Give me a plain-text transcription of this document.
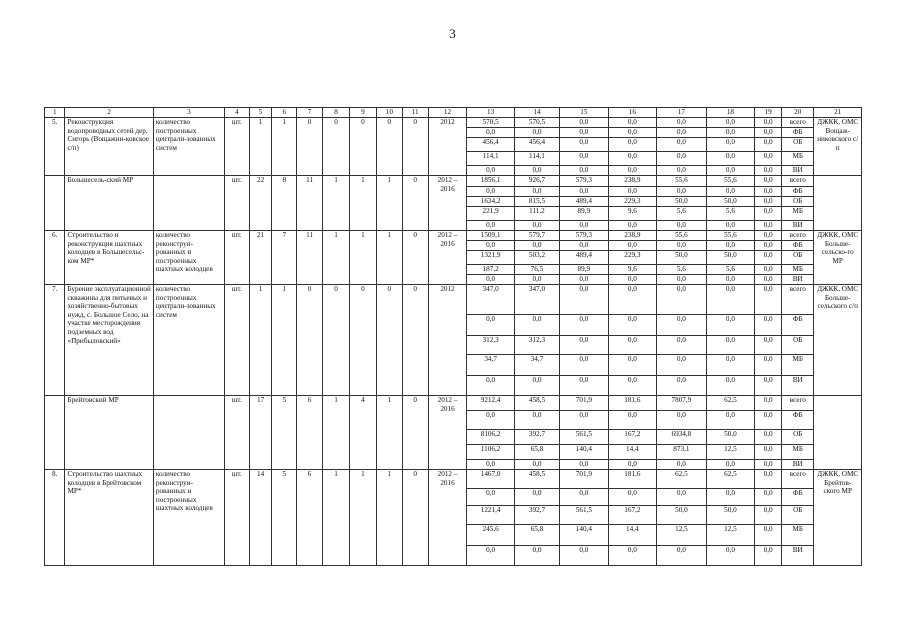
3
1	2	3	4	5	6	7	8	9	10	11	12	13	14	15	16	17	18	19	20	21
5.	Реконструкция водопроводных сетей дер. Сигорь (Вощажни-ковское с/п)	количество построенных централи-зованных систем	шт.	1	1	0	0	0	0	0	2012	570,5	570,5	0,0	0,0	0,0	0,0	0,0	всего	ДЖКК, ОМС Вощаж-никовского с/п
												0,0	0,0	0,0	0,0	0,0	0,0	0,0	ФБ	
												456,4	456,4	0,0	0,0	0,0	0,0	0,0	ОБ	
												114,1	114,1	0,0	0,0	0,0	0,0	0,0	МБ	
												0,0	0,0	0,0	0,0	0,0	0,0	0,0	ВИ	
	Большесель-ский МР		шт.	22	8	11	1	1	1	0	2012 – 2016	1856,1	926,7	579,3	238,9	55,6	55,6	0,0	всего	
												0,0	0,0	0,0	0,0	0,0	0,0	0,0	ФБ	
												1634,2	815,5	489,4	229,3	50,0	50,0	0,0	ОБ	
												221,9	111,2	89,9	9,6	5,6	5,6	0,0	МБ	
												0,0	0,0	0,0	0,0	0,0	0,0	0,0	ВИ	
6.	Строительство и реконструкция шахтных колодцев в Большесельс-ком МР*	количество реконструи-рованных и построенных шахтных колодцев	шт.	21	7	11	1	1	1	0	2012 – 2016	1509,1	579,7	579,3	238,9	55,6	55,6	0,0	всего	ДЖКК, ОМС Больше-сельско-го МР
												0,0	0,0	0,0	0,0	0,0	0,0	0,0	ФБ	
												1321,9	503,2	489,4	229,3	50,0	50,0	0,0	ОБ	
												187,2	76,5	89,9	9,6	5,6	5,6	0,0	МБ	
												0,0	0,0	0,0	0,0	0,0	0,0	0,0	ВИ	
7.	Бурение эксплуатационной скважины для питьевых и хозяйственно-бытовых нужд, с. Большое Село, на участке месторождения подземных вод «Прибыловский»	количество построенных централи-зованных систем	шт.	1	1	0	0	0	0	0	2012	347,0	347,0	0,0	0,0	0,0	0,0	0,0	всего	ДЖКК, ОМС Больше-сельского с/п
												0,0	0,0	0,0	0,0	0,0	0,0	0,0	ФБ	
												312,3	312,3	0,0	0,0	0,0	0,0	0,0	ОБ	
												34,7	34,7	0,0	0,0	0,0	0,0	0,0	МБ	
												0,0	0,0	0,0	0,0	0,0	0,0	0,0	ВИ	
	Брейтовский МР		шт.	17	5	6	1	4	1	0	2012 – 2016	9212,4	458,5	701,9	181,6	7807,9	62,5	0,0	всего	
												0,0	0,0	0,0	0,0	0,0	0,0	0,0	ФБ	
												8106,2	392,7	561,5	167,2	6934,8	50,0	0,0	ОБ	
												1106,2	65,8	140,4	14,4	873,1	12,5	0,0	МБ	
												0,0	0,0	0,0	0,0	0,0	0,0	0,0	ВИ	
8.	Строительство шахтных колодцев в Брейтовском МР*	количество реконструи-рованных и построенных шахтных колодцев	шт.	14	5	6	1	1	1	0	2012 – 2016	1467,0	458,5	701,9	181,6	62,5	62,5	0,0	всего	ДЖКК, ОМС Брейтов-ского МР
												0,0	0,0	0,0	0,0	0,0	0,0	0,0	ФБ	
												1221,4	392,7	561,5	167,2	50,0	50,0	0,0	ОБ	
												245,6	65,8	140,4	14,4	12,5	12,5	0,0	МБ	
												0,0	0,0	0,0	0,0	0,0	0,0	0,0	ВИ	
